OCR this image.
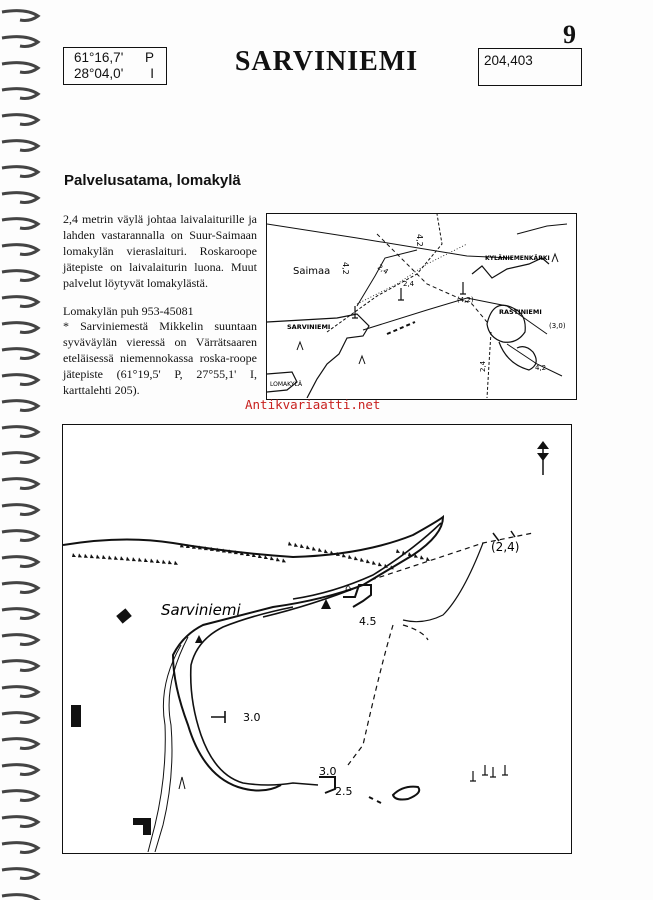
9
61°16,7' P
28°04,0' I	SARVINIEMI	204,403
Palvelusatama, lomakylä

2,4 metrin väylä johtaa laivalaiturille ja lahden vastarannalla on Suur-Saimaan lomakylän vieraslaituri. Roskaroope jätepiste on laivalaiturin luona. Muut palvelut löytyvät lomakylästä.

Lomakylän puh 953-45081

* Sarviniemestä Mikkelin suuntaan syväväylän vieressä on Värrätsaaren eteläisessä niemennokassa roska-roope jätepiste (61°19,5' P, 27°55,1' I, karttalehti 205).

Saimaa
SARVINIEMI
LOMAKYLÄ
KYLÄNIEMENKÄRKI
RASTINIEMI
4,2
4,2	2,4
2,4
2,4
(4,2)
(3,0)
4,2
Antikvariaatti.net
Sarviniemi
(2,4)
4.5
3.0
3.0
2.5
⌂
